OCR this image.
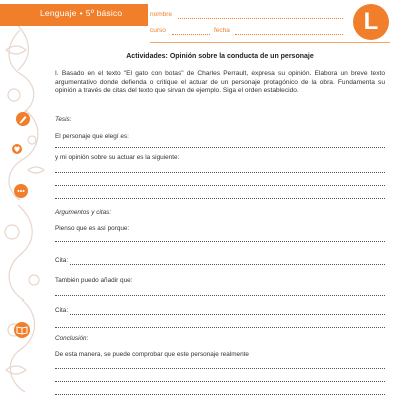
Lenguaje • 5º básico	nombre
curso	fecha	L
Actividades: Opinión sobre la conducta de un personaje
I. Basado en el texto "El gato con botas" de Charles Perrault, expresa su opinión. Elabora un breve texto argumentativo donde defienda o critique el actuar de un personaje protagónico de la obra. Fundamenta su opinión a través de citas del texto que sirvan de ejemplo. Siga el orden establecido.
Tesis:
El personaje que elegí es:
y mi opinión sobre su actuar es la siguiente:
Argumentos y citas:
Pienso que es así porque:
Cita:
También puedo añadir que:
Cita:
Conclusión:
De esta manera, se puede comprobar que este personaje realmente
